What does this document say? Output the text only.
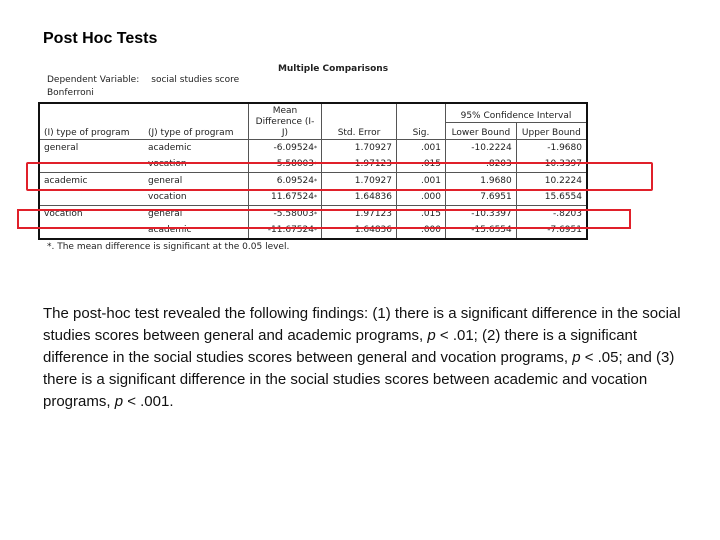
Post Hoc Tests
Multiple Comparisons
Dependent Variable: social studies score
Bonferroni
(I) type of program	(J) type of program	Mean Difference (I-J)	Std. Error	Sig.	95% Confidence Interval	
					Lower Bound	Upper Bound
general	academic	-6.09524*	1.70927	.001	-10.2224	-1.9680
	vocation	5.58003*	1.97123	.015	.8203	10.3397
academic	general	6.09524*	1.70927	.001	1.9680	10.2224
	vocation	11.67524*	1.64836	.000	7.6951	15.6554
vocation	general	-5.58003*	1.97123	.015	-10.3397	-.8203
	academic	-11.67524*	1.64836	.000	-15.6554	-7.6951
*. The mean difference is significant at the 0.05 level.
The post-hoc test revealed the following findings: (1) there is a significant difference in the social studies scores between general and academic programs, p < .01; (2) there is a significant difference in the social studies scores between general and vocation programs, p < .05; and (3) there is a significant difference in the social studies scores between academic and vocation programs, p < .001.
